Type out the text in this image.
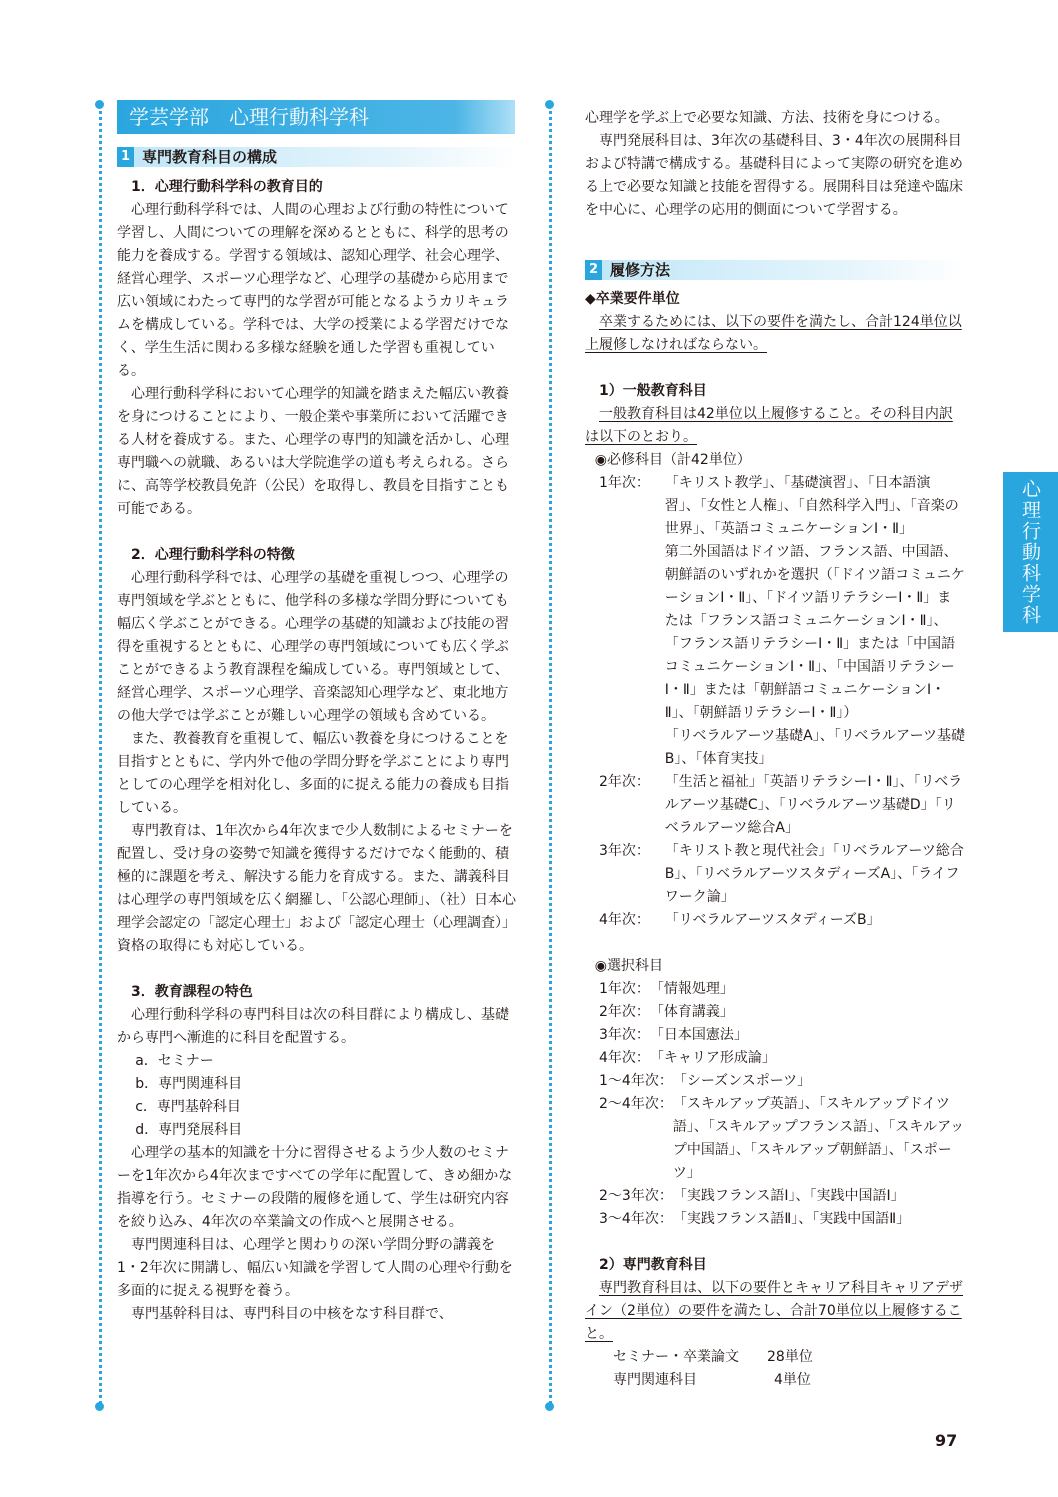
学芸学部 心理行動科学科
1 専門教育科目の構成

1．心理行動科学科の教育目的

心理行動科学科では、人間の心理および行動の特性について学習し、人間についての理解を深めるとともに、科学的思考の能力を養成する。学習する領域は、認知心理学、社会心理学、経営心理学、スポーツ心理学など、心理学の基礎から応用まで広い領域にわたって専門的な学習が可能となるようカリキュラムを構成している。学科では、大学の授業による学習だけでなく、学生生活に関わる多様な経験を通した学習も重視している。

心理行動科学科において心理学的知識を踏まえた幅広い教養を身につけることにより、一般企業や事業所において活躍できる人材を養成する。また、心理学の専門的知識を活かし、心理専門職への就職、あるいは大学院進学の道も考えられる。さらに、高等学校教員免許（公民）を取得し、教員を目指すことも可能である。

2．心理行動科学科の特徴

心理行動科学科では、心理学の基礎を重視しつつ、心理学の専門領域を学ぶとともに、他学科の多様な学問分野についても幅広く学ぶことができる。心理学の基礎的知識および技能の習得を重視するとともに、心理学の専門領域についても広く学ぶことができるよう教育課程を編成している。専門領域として、経営心理学、スポーツ心理学、音楽認知心理学など、東北地方の他大学では学ぶことが難しい心理学の領域も含めている。

また、教養教育を重視して、幅広い教養を身につけることを目指すとともに、学内外で他の学問分野を学ぶことにより専門としての心理学を相対化し、多面的に捉える能力の養成も目指している。

専門教育は、1年次から4年次まで少人数制によるセミナーを配置し、受け身の姿勢で知識を獲得するだけでなく能動的、積極的に課題を考え、解決する能力を育成する。また、講義科目は心理学の専門領域を広く網羅し、「公認心理師」、（社）日本心理学会認定の「認定心理士」および「認定心理士（心理調査）」資格の取得にも対応している。

3．教育課程の特色

心理行動科学科の専門科目は次の科目群により構成し、基礎から専門へ漸進的に科目を配置する。

a．セミナー

b．専門関連科目

c．専門基幹科目

d．専門発展科目

心理学の基本的知識を十分に習得させるよう少人数のセミナーを1年次から4年次まですべての学年に配置して、きめ細かな指導を行う。セミナーの段階的履修を通して、学生は研究内容を絞り込み、4年次の卒業論文の作成へと展開させる。

専門関連科目は、心理学と関わりの深い学問分野の講義を1・2年次に開講し、幅広い知識を学習して人間の心理や行動を多面的に捉える視野を養う。

専門基幹科目は、専門科目の中核をなす科目群で、

心理学を学ぶ上で必要な知識、方法、技術を身につける。

専門発展科目は、3年次の基礎科目、3・4年次の展開科目および特講で構成する。基礎科目によって実際の研究を進める上で必要な知識と技能を習得する。展開科目は発達や臨床を中心に、心理学の応用的側面について学習する。

2 履修方法

◆卒業要件単位

卒業するためには、以下の要件を満たし、合計124単位以上履修しなければならない。

1）一般教育科目

一般教育科目は42単位以上履修すること。その科目内訳は以下のとおり。

◉必修科目（計42単位）

1年次：	「キリスト教学」、「基礎演習」、「日本語演習」、「女性と人権」、「自然科学入門」、「音楽の世界」、「英語コミュニケーションⅠ・Ⅱ」
第二外国語はドイツ語、フランス語、中国語、朝鮮語のいずれかを選択（「ドイツ語コミュニケーションⅠ・Ⅱ」、「ドイツ語リテラシーⅠ・Ⅱ」または「フランス語コミュニケーションⅠ・Ⅱ」、「フランス語リテラシーⅠ・Ⅱ」または「中国語コミュニケーションⅠ・Ⅱ」、「中国語リテラシーⅠ・Ⅱ」または「朝鮮語コミュニケーションⅠ・Ⅱ」、「朝鮮語リテラシーⅠ・Ⅱ」）
「リベラルアーツ基礎A」、「リベラルアーツ基礎B」、「体育実技」
2年次：	「生活と福祉」「英語リテラシーⅠ・Ⅱ」、「リベラルアーツ基礎C」、「リベラルアーツ基礎D」「リベラルアーツ総合A」
3年次：	「キリスト教と現代社会」「リベラルアーツ総合B」、「リベラルアーツスタディーズA」、「ライフワーク論」
4年次：	「リベラルアーツスタディーズB」

◉選択科目

1年次： 「情報処理」
2年次： 「体育講義」
3年次： 「日本国憲法」
4年次： 「キャリア形成論」
1～4年次： 「シーズンスポーツ」
2～4年次： 「スキルアップ英語」、「スキルアップドイツ語」、「スキルアップフランス語」、「スキルアップ中国語」、「スキルアップ朝鮮語」、「スポーツ」
2～3年次： 「実践フランス語Ⅰ」、「実践中国語Ⅰ」
3～4年次： 「実践フランス語Ⅱ」、「実践中国語Ⅱ」

2）専門教育科目

専門教育科目は、以下の要件とキャリア科目キャリアデザイン（2単位）の要件を満たし、合計70単位以上履修すること。

セミナー・卒業論文	28単位
専門関連科目	4単位
心理行動科学科
97
